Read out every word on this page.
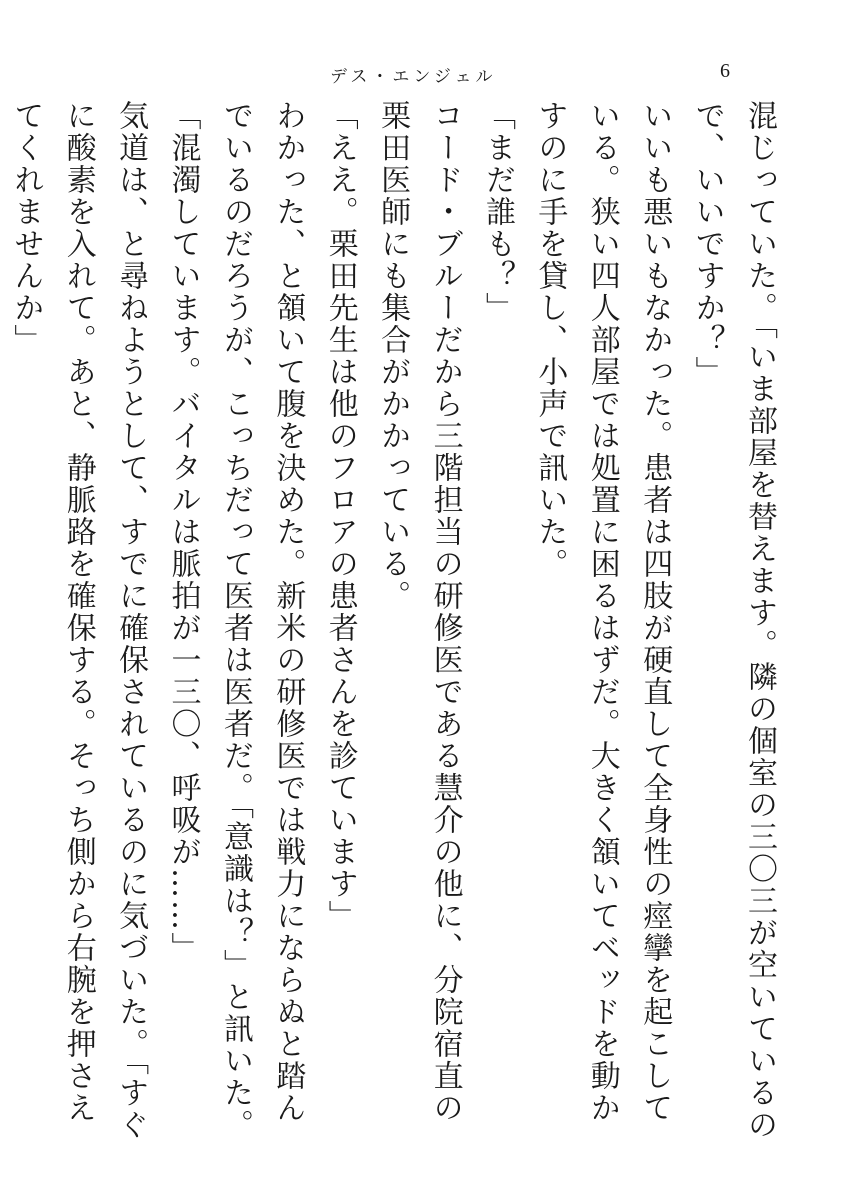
デス・エンジェル	6

混じっていた。「いま部屋を替えます。隣の個室の三〇三が空いているので、いいですか？」

いいも悪いもなかった。患者は四肢が硬直して全身性の痙攣を起こしている。狭い四人部屋では処置に困るはずだ。大きく頷いてベッドを動かすのに手を貸し、小声で訊いた。

「まだ誰も？」

コード・ブルーだから三階担当の研修医である慧介の他に、分院宿直の栗田医師にも集合がかかっている。

「ええ。栗田先生は他のフロアの患者さんを診ています」

わかった、と頷いて腹を決めた。新米の研修医では戦力にならぬと踏んでいるのだろうが、こっちだって医者は医者だ。「意識は？」と訊いた。

「混濁しています。バイタルは脈拍が一三〇、呼吸が……」

気道は、と尋ねようとして、すでに確保されているのに気づいた。「すぐに酸素を入れて。あと、静脈路を確保する。そっち側から右腕を押さえてくれませんか」
